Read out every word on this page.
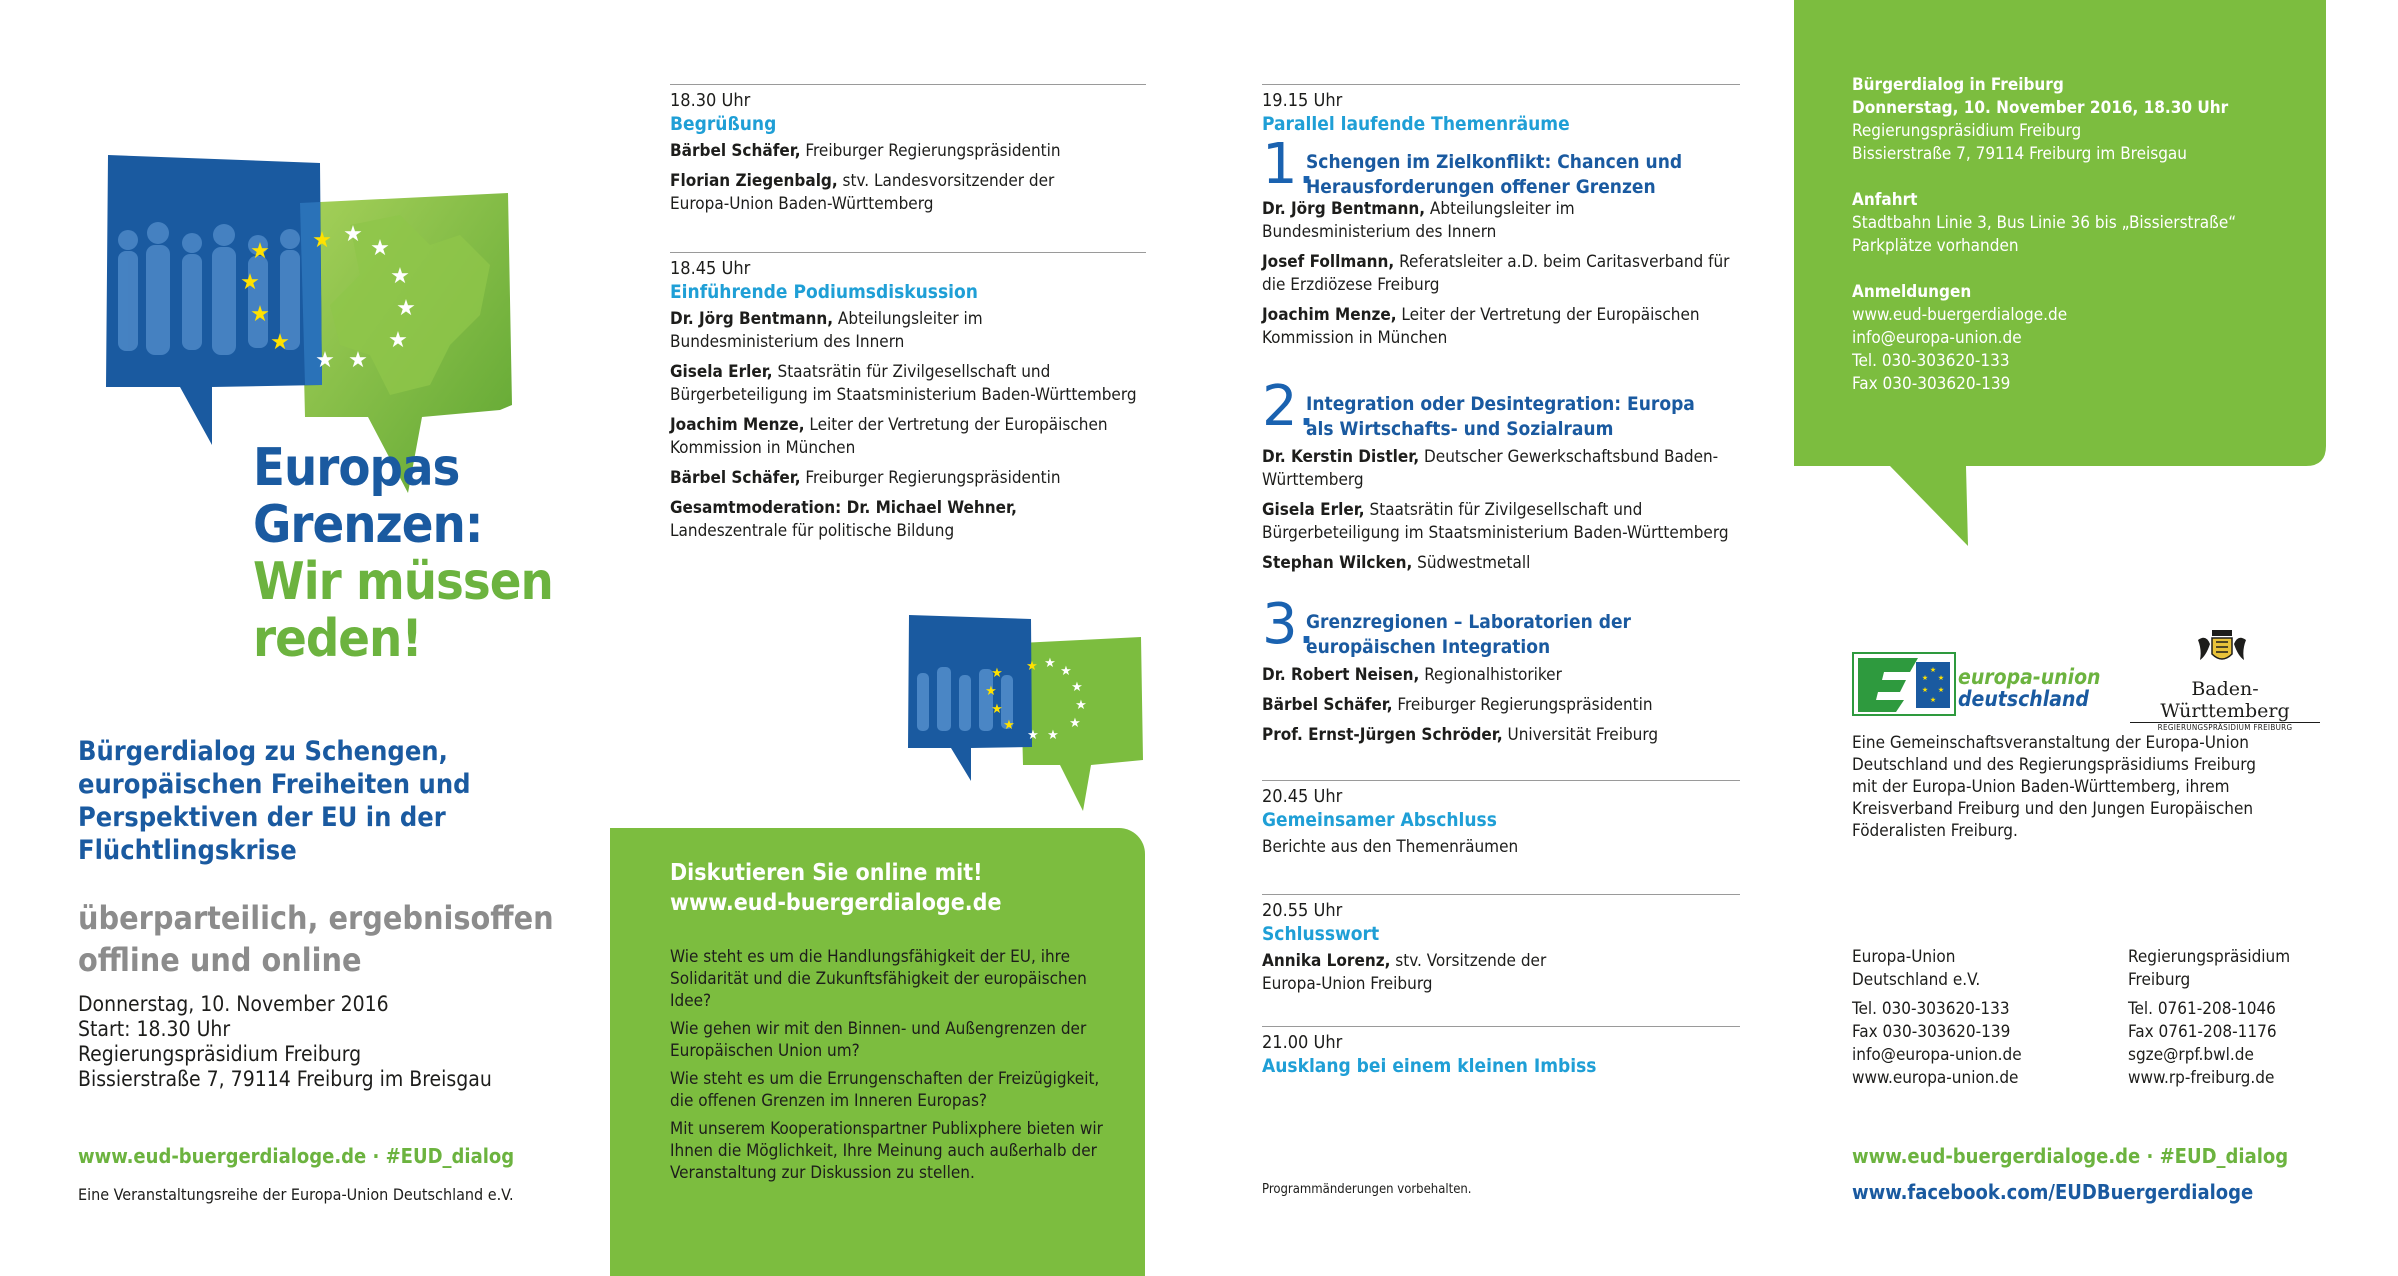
★ ★
★
★
★
★
★
★
★
★
★
★
Europas
Grenzen:
Wir müssen
reden!
Bürgerdialog zu Schengen,
europäischen Freiheiten und
Perspektiven der EU in der
Flüchtlingskrise
überparteilich, ergebnisoffen
offline und online
Donnerstag, 10. November 2016
Start: 18.30 Uhr
Regierungspräsidium Freiburg
Bissierstraße 7, 79114 Freiburg im Breisgau
www.eud-buergerdialoge.de · #EUD_dialog
Eine Veranstaltungsreihe der Europa-Union Deutschland e.V.
18.30 Uhr
Begrüßung
Bärbel Schäfer, Freiburger Regierungspräsidentin
Florian Ziegenbalg, stv. Landesvorsitzender der Europa-Union Baden-Württemberg
18.45 Uhr
Einführende Podiumsdiskussion
Dr. Jörg Bentmann, Abteilungsleiter im Bundesministerium des Innern
Gisela Erler, Staatsrätin für Zivilgesellschaft und Bürgerbeteiligung im Staatsministerium Baden-Württemberg
Joachim Menze, Leiter der Vertretung der Europäischen Kommission in München
Bärbel Schäfer, Freiburger Regierungspräsidentin
Gesamtmoderation: Dr. Michael Wehner, Landeszentrale für politische Bildung
★ ★
★
★
★
★
★
★
★
★
★
★
Diskutieren Sie online mit!
www.eud-buergerdialoge.de
Wie steht es um die Handlungsfähigkeit der EU, ihre Solidarität und die Zukunftsfähigkeit der europäischen Idee?
Wie gehen wir mit den Binnen- und Außengrenzen der Europäischen Union um?
Wie steht es um die Errungenschaften der Freizügigkeit, die offenen Grenzen im Inneren Europas?
Mit unserem Kooperationspartner Publixphere bieten wir Ihnen die Möglichkeit, Ihre Meinung auch außerhalb der Veranstaltung zur Diskussion zu stellen.
19.15 Uhr
Parallel laufende Themenräume
1.
Schengen im Zielkonflikt: Chancen und Herausforderungen offener Grenzen
Dr. Jörg Bentmann, Abteilungsleiter im Bundesministerium des Innern
Josef Follmann, Referatsleiter a.D. beim Caritasverband für die Erzdiözese Freiburg
Joachim Menze, Leiter der Vertretung der Europäischen Kommission in München
2.
Integration oder Desintegration: Europa als Wirtschafts- und Sozialraum
Dr. Kerstin Distler, Deutscher Gewerkschaftsbund Baden-Württemberg
Gisela Erler, Staatsrätin für Zivilgesellschaft und Bürgerbeteiligung im Staatsministerium Baden-Württemberg
Stephan Wilcken, Südwestmetall
3.
Grenzregionen – Laboratorien der europäischen Integration
Dr. Robert Neisen, Regionalhistoriker
Bärbel Schäfer, Freiburger Regierungspräsidentin
Prof. Ernst-Jürgen Schröder, Universität Freiburg
20.45 Uhr
Gemeinsamer Abschluss
Berichte aus den Themenräumen
20.55 Uhr
Schlusswort
Annika Lorenz, stv. Vorsitzende der Europa-Union Freiburg
21.00 Uhr
Ausklang bei einem kleinen Imbiss
Programmänderungen vorbehalten.
Bürgerdialog in Freiburg
Donnerstag, 10. November 2016, 18.30 Uhr
Regierungspräsidium Freiburg
Bissierstraße 7, 79114 Freiburg im Breisgau
Anfahrt
Stadtbahn Linie 3, Bus Linie 36 bis „Bissierstraße“
Parkplätze vorhanden
Anmeldungen
www.eud-buergerdialoge.de
info@europa-union.de
Tel. 030-303620-133
Fax 030-303620-139
★
★ ★
★ ★
★
europa-union
deutschland	Baden-Württemberg
REGIERUNGSPRÄSIDIUM FREIBURG
Eine Gemeinschaftsveranstaltung der Europa-Union
Deutschland und des Regierungspräsidiums Freiburg
mit der Europa-Union Baden-Württemberg, ihrem
Kreisverband Freiburg und den Jungen Europäischen
Föderalisten Freiburg.
Europa-Union
Deutschland e.V.
Tel. 030-303620-133
Fax 030-303620-139
info@europa-union.de
www.europa-union.de
Regierungspräsidium
Freiburg
Tel. 0761-208-1046
Fax 0761-208-1176
sgze@rpf.bwl.de
www.rp-freiburg.de
www.eud-buergerdialoge.de · #EUD_dialog
www.facebook.com/EUDBuergerdialoge
